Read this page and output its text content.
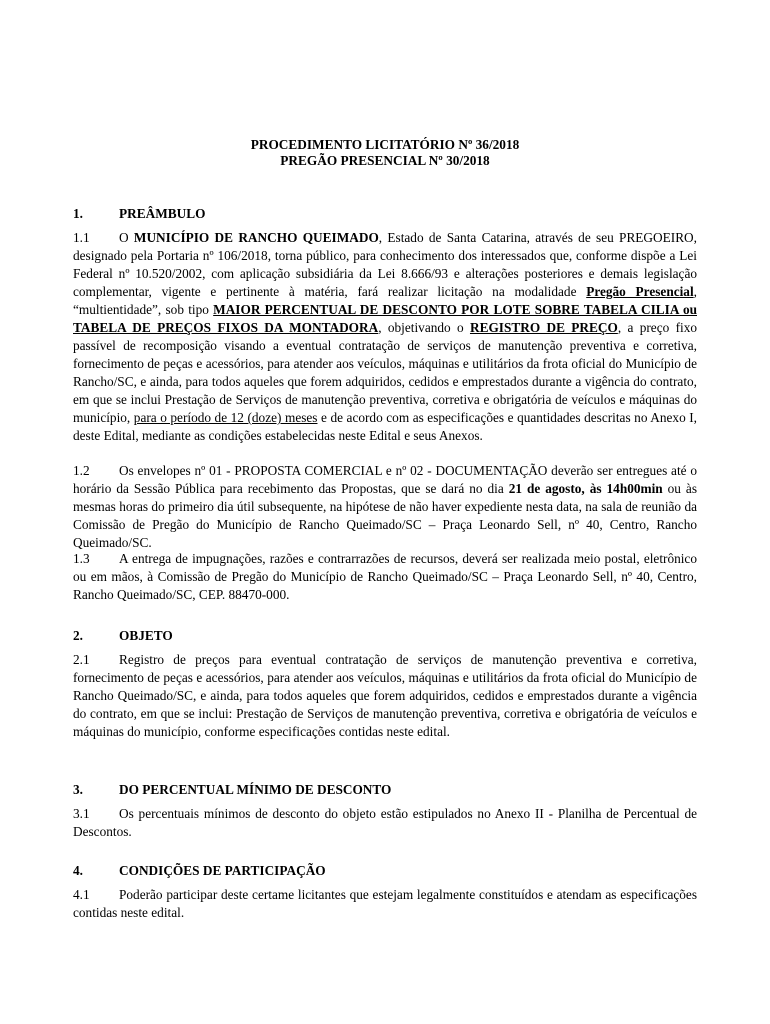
PROCEDIMENTO LICITATÓRIO Nº 36/2018
PREGÃO PRESENCIAL Nº 30/2018
1.	PREÂMBULO
1.1 O MUNICÍPIO DE RANCHO QUEIMADO, Estado de Santa Catarina, através de seu PREGOEIRO, designado pela Portaria nº 106/2018, torna público, para conhecimento dos interessados que, conforme dispõe a Lei Federal nº 10.520/2002, com aplicação subsidiária da Lei 8.666/93 e alterações posteriores e demais legislação complementar, vigente e pertinente à matéria, fará realizar licitação na modalidade Pregão Presencial, “multientidade”, sob tipo MAIOR PERCENTUAL DE DESCONTO POR LOTE SOBRE TABELA CILIA ou TABELA DE PREÇOS FIXOS DA MONTADORA, objetivando o REGISTRO DE PREÇO, a preço fixo passível de recomposição visando a eventual contratação de serviços de manutenção preventiva e corretiva, fornecimento de peças e acessórios, para atender aos veículos, máquinas e utilitários da frota oficial do Município de Rancho/SC, e ainda, para todos aqueles que forem adquiridos, cedidos e emprestados durante a vigência do contrato, em que se inclui Prestação de Serviços de manutenção preventiva, corretiva e obrigatória de veículos e máquinas do município, para o período de 12 (doze) meses e de acordo com as especificações e quantidades descritas no Anexo I, deste Edital, mediante as condições estabelecidas neste Edital e seus Anexos.
1.2 Os envelopes nº 01 - PROPOSTA COMERCIAL e nº 02 - DOCUMENTAÇÃO deverão ser entregues até o horário da Sessão Pública para recebimento das Propostas, que se dará no dia 21 de agosto, às 14h00min ou às mesmas horas do primeiro dia útil subsequente, na hipótese de não haver expediente nesta data, na sala de reunião da Comissão de Pregão do Município de Rancho Queimado/SC – Praça Leonardo Sell, nº 40, Centro, Rancho Queimado/SC.
1.3 A entrega de impugnações, razões e contrarrazões de recursos, deverá ser realizada meio postal, eletrônico ou em mãos, à Comissão de Pregão do Município de Rancho Queimado/SC – Praça Leonardo Sell, nº 40, Centro, Rancho Queimado/SC, CEP. 88470-000.
2.	OBJETO
2.1 Registro de preços para eventual contratação de serviços de manutenção preventiva e corretiva, fornecimento de peças e acessórios, para atender aos veículos, máquinas e utilitários da frota oficial do Município de Rancho Queimado/SC, e ainda, para todos aqueles que forem adquiridos, cedidos e emprestados durante a vigência do contrato, em que se inclui: Prestação de Serviços de manutenção preventiva, corretiva e obrigatória de veículos e máquinas do município, conforme especificações contidas neste edital.
3.	DO PERCENTUAL MÍNIMO DE DESCONTO
3.1 Os percentuais mínimos de desconto do objeto estão estipulados no Anexo II - Planilha de Percentual de Descontos.
4.	CONDIÇÕES DE PARTICIPAÇÃO
4.1 Poderão participar deste certame licitantes que estejam legalmente constituídos e atendam as especificações contidas neste edital.
